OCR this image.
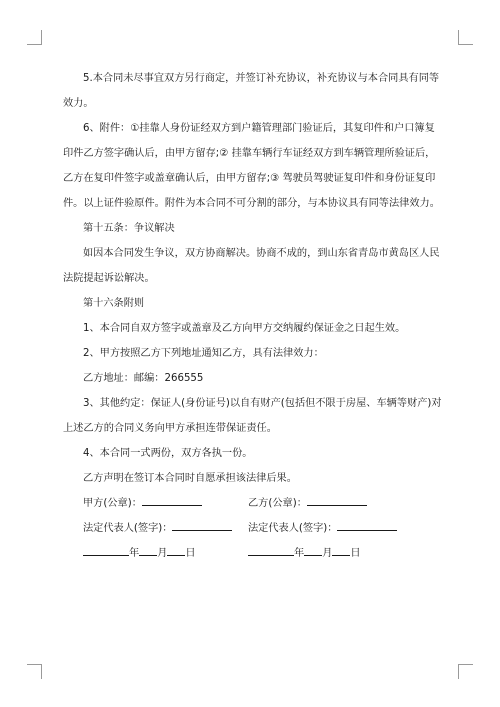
5.本合同未尽事宜双方另行商定，并签订补充协议，补充协议与本合同具有同等效力。

6、附件：①挂靠人身份证经双方到户籍管理部门验证后，其复印件和户口簿复印件乙方签字确认后，由甲方留存;② 挂靠车辆行车证经双方到车辆管理所验证后，乙方在复印件签字或盖章确认后，由甲方留存;③ 驾驶员驾驶证复印件和身份证复印件。以上证件验原件。附件为本合同不可分割的部分，与本协议具有同等法律效力。

第十五条：争议解决

如因本合同发生争议，双方协商解决。协商不成的，到山东省青岛市黄岛区人民法院提起诉讼解决。

第十六条附则

1、本合同自双方签字或盖章及乙方向甲方交纳履约保证金之日起生效。

2、甲方按照乙方下列地址通知乙方，具有法律效力：

乙方地址：邮编：266555

3、其他约定：保证人(身份证号)以自有财产(包括但不限于房屋、车辆等财产)对上述乙方的合同义务向甲方承担连带保证责任。

4、本合同一式两份，双方各执一份。

乙方声明在签订本合同时自愿承担该法律后果。

甲方(公章)：	乙方(公章)：
法定代表人(签字)：	法定代表人(签字)：
年 月 日	年 月 日
